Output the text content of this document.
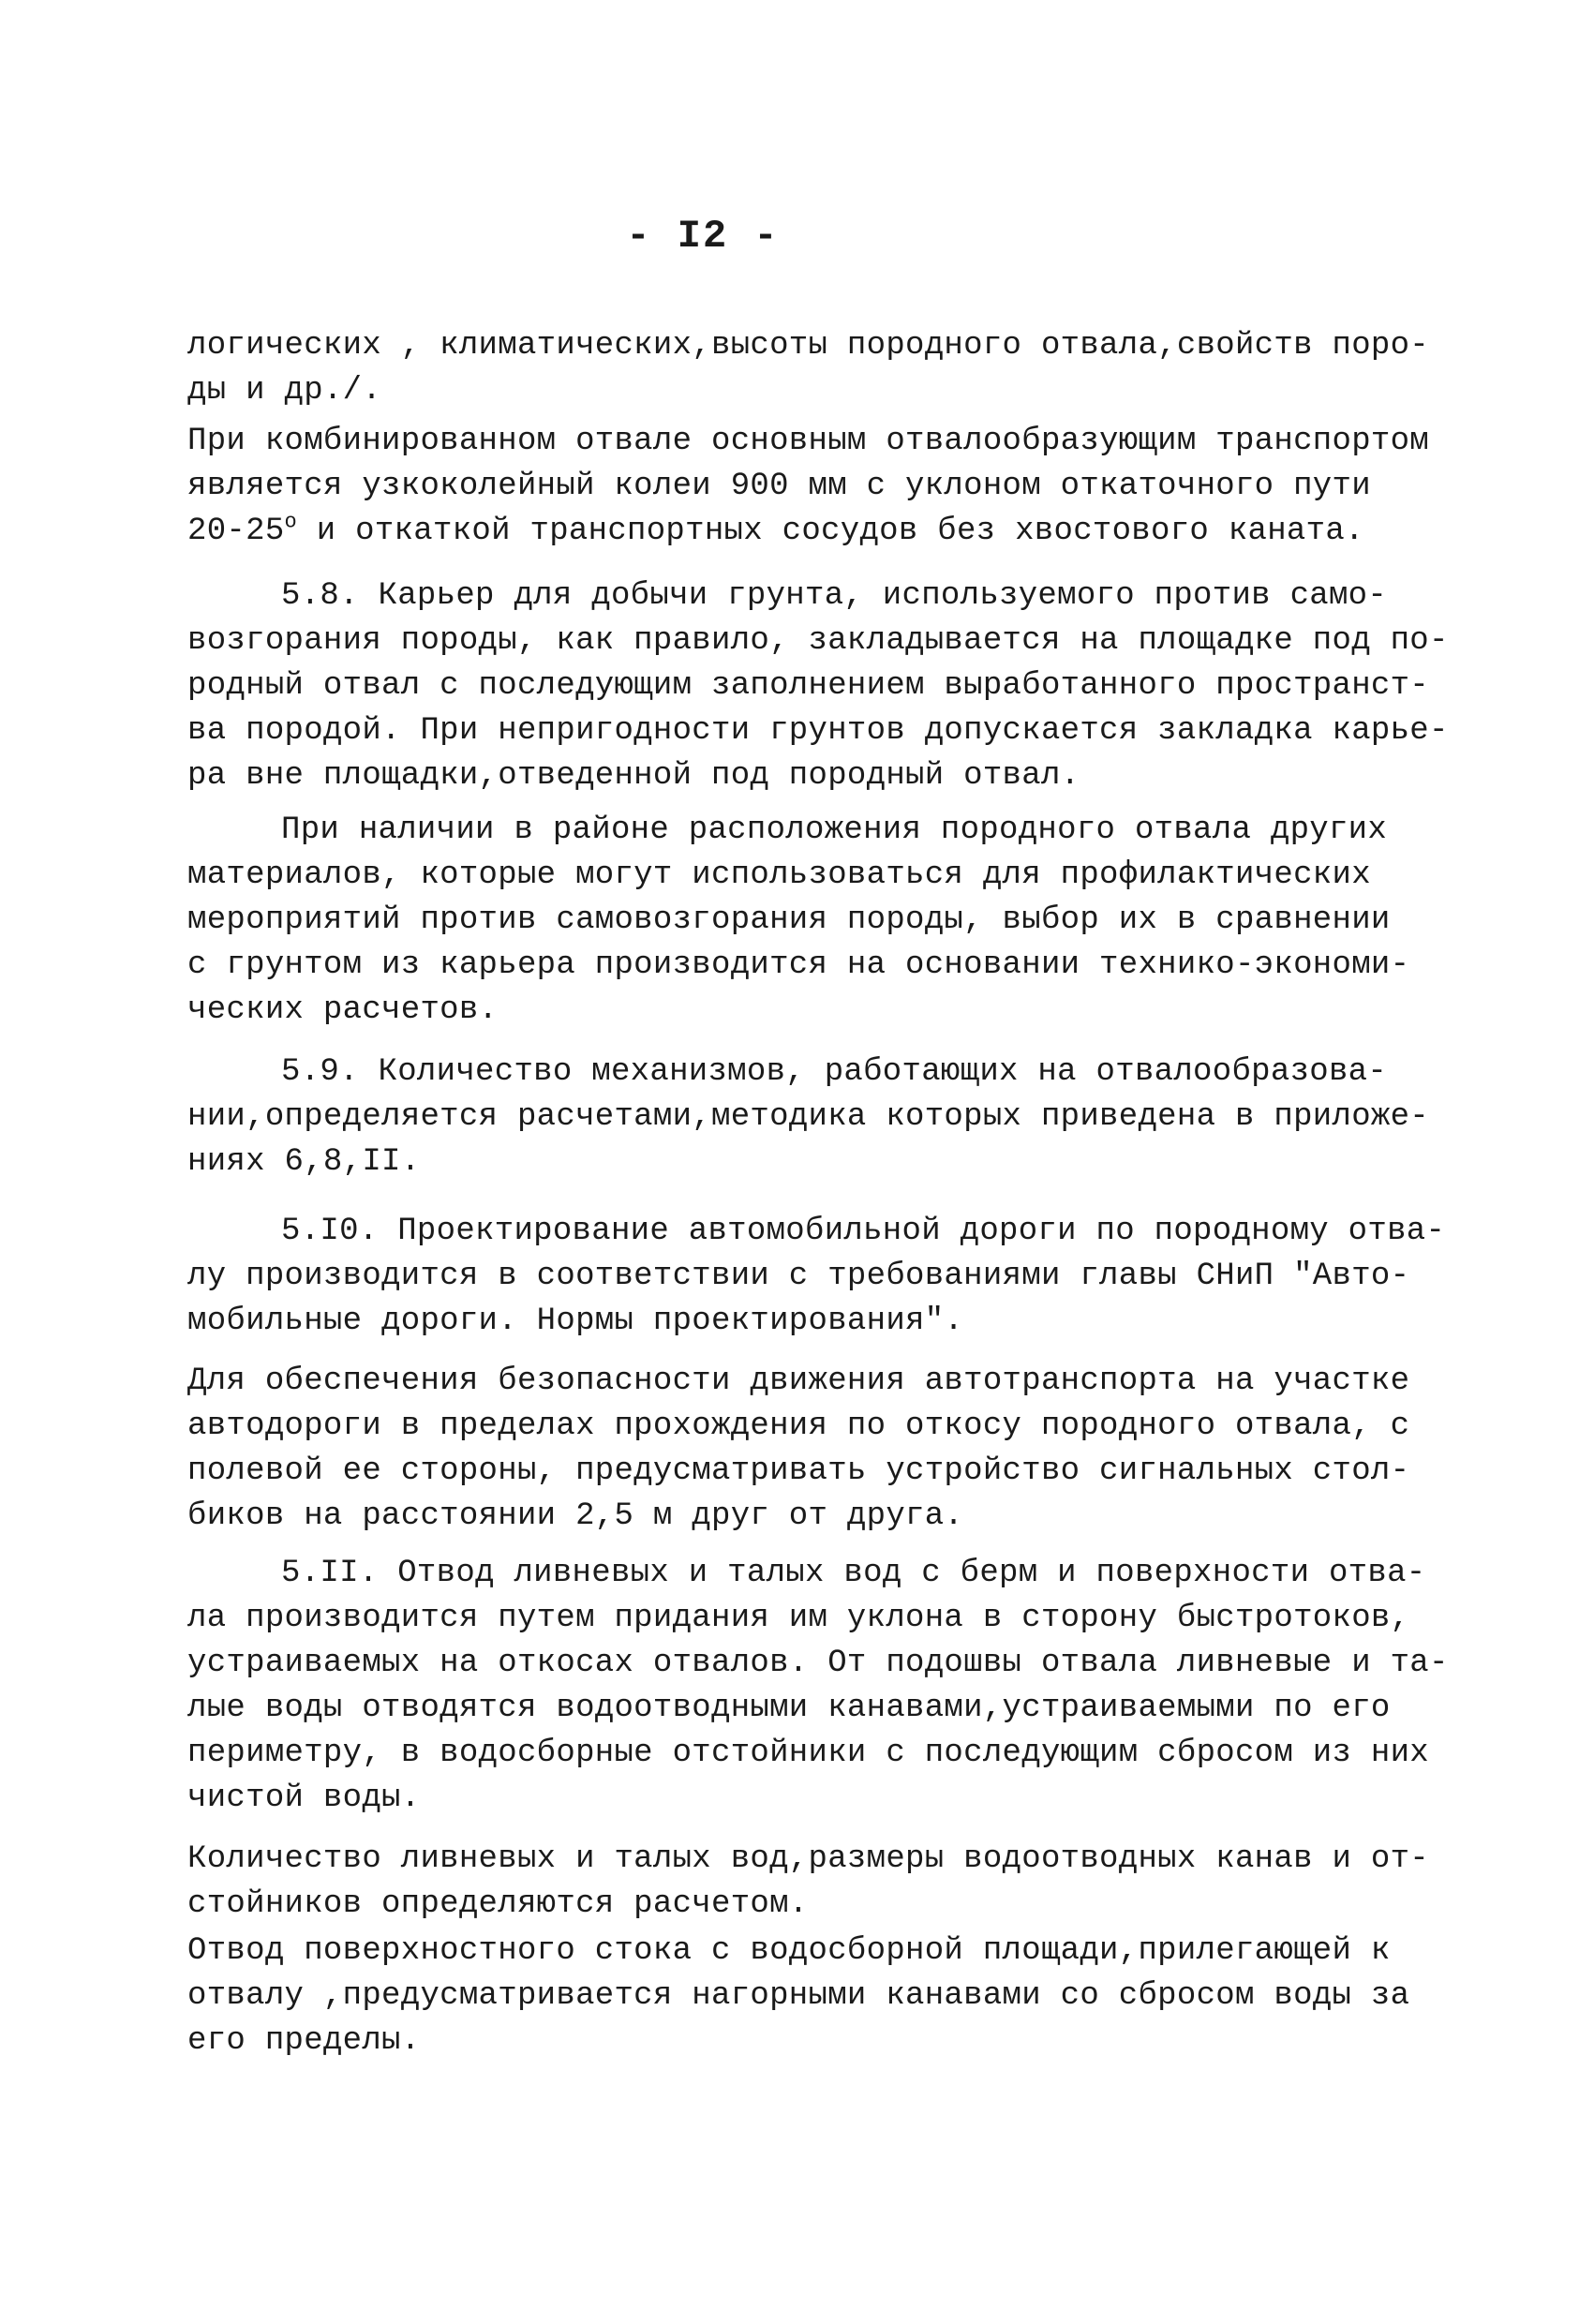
- I2 -
логических , климатических,высоты породного отвала,свойств поро-
ды и др./.
При комбинированном отвале основным отвалообразующим транспортом
является узкоколейный колеи 900 мм с уклоном откаточного пути
$20-25^о$ и откаткой транспортных сосудов без хвостового каната.
5.8. Карьер для добычи грунта, используемого против само-
возгорания породы, как правило, закладывается на площадке под по-
родный отвал с последующим заполнением выработанного пространст-
ва породой. При непригодности грунтов допускается закладка карье-
ра вне площадки,отведенной под породный отвал.
При наличии в районе расположения породного отвала других
материалов, которые могут использоваться для профилактических
мероприятий против самовозгорания породы, выбор их в сравнении
с грунтом из карьера производится на основании технико-экономи-
ческих расчетов.
5.9. Количество механизмов, работающих на отвалообразова-
нии,определяется расчетами,методика которых приведена в приложе-
ниях 6,8,II.
5.I0. Проектирование автомобильной дороги по породному отва-
лу производится в соответствии с требованиями главы СНиП "Авто-
мобильные дороги. Нормы проектирования".
Для обеспечения безопасности движения автотранспорта на участке
автодороги в пределах прохождения по откосу породного отвала, с
полевой ее стороны, предусматривать устройство сигнальных стол-
биков на расстоянии 2,5 м друг от друга.
5.II. Отвод ливневых и талых вод с берм и поверхности отва-
ла производится путем придания им уклона в сторону быстротоков,
устраиваемых на откосах отвалов. От подошвы отвала ливневые и та-
лые воды отводятся водоотводными канавами,устраиваемыми по его
периметру, в водосборные отстойники с последующим сбросом из них
чистой воды.
Количество ливневых и талых вод,размеры водоотводных канав и от-
стойников определяются расчетом.
Отвод поверхностного стока с водосборной площади,прилегающей к
отвалу ,предусматривается нагорными канавами со сбросом воды за
его пределы.
